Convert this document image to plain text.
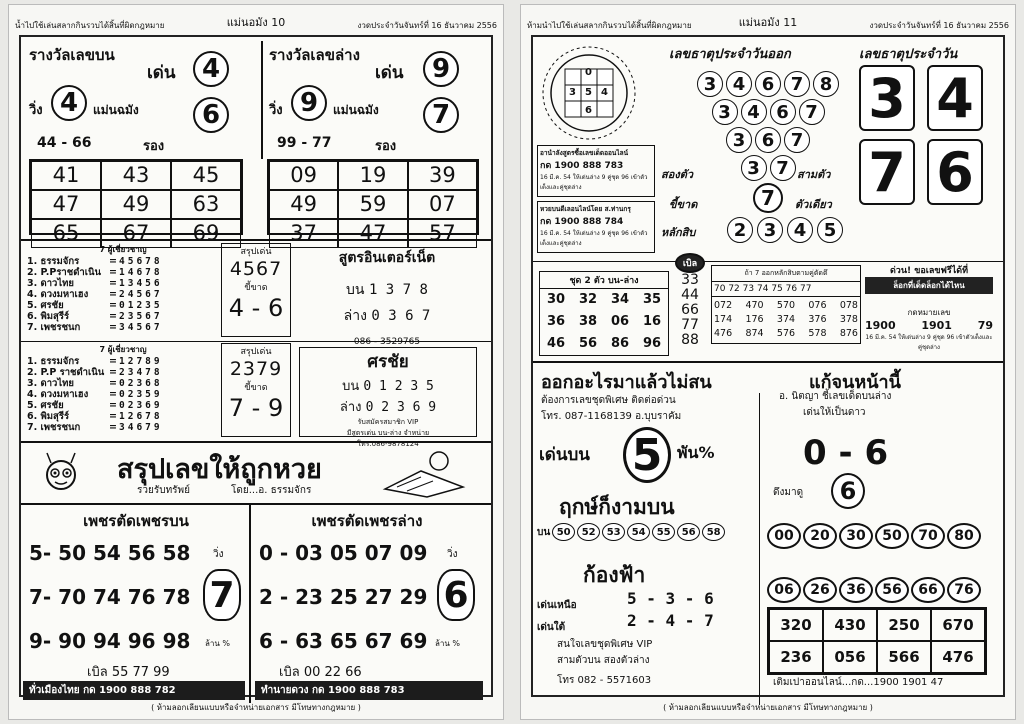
น้ำไปใช้เล่นสลากกินรวบได้สิ้นที่ผิดกฎหมาย	แม่นอมัง 10	งวดประจำวันจันทร์ที่ 16 ธันวาคม 2556
รางวัลเลขบน
เด่น	4
วิ่ง 4	แม่นฉมัง	6
44 - 66	รอง
41	43	45
47	49	63
65	67	69
รางวัลเลขล่าง
เด่น	9
วิ่ง 9	แม่นฉมัง	7
99 - 77	รอง
09	19	39
49	59	07
37	47	57
7 ผู้เชี่ยวชาญ
1. ธรรมจักร	= 45678
2. P.Pราชดำเนิน = 14678
3. ดาวไทย	= 13456
4. ดวงมหาเฮง	= 24567
5. ศรชัย	= 01235
6. พิมสุรีร์	= 23567
7. เพชรชนก	= 34567
สรุปเด่น
4567
ขี้ขาด
4 - 6
สูตรอินเตอร์เน็ต
บน 1 3 7 8
ล่าง 0 3 6 7
086 - 3529765
7 ผู้เชี่ยวชาญ
1. ธรรมจักร	= 12789
2. P.P ราชดำเนิน = 23478
3. ดาวไทย	= 02368
4. ดวงมหาเฮง	= 02359
5. ศรชัย	= 02369
6. พิมสุรีร์	= 12678
7. เพชรชนก	= 34679
สรุปเด่น
2379
ขี้ขาด
7 - 9
ศรชัย
บน 0 1 2 3 5
ล่าง 0 2 3 6 9
รับสมัครสมาชิก VIP
มีสูตรเด่น บน-ล่าง จำหน่าย
โทร.086-9878124
สรุปเลขให้ถูกหวย
รวยรับทรัพย์	โดย...อ. ธรรมจักร
เพชรตัดเพชรบน
5- 50 54 56 58
7- 70 74 76 78
9- 90 94 96 98
วิ่ง
ล้าน %
7
เบิล 55 77 99
เพชรตัดเพชรล่าง
0 - 03 05 07 09
2 - 23 25 27 29
6 - 63 65 67 69
วิ่ง
ล้าน %
6
เบิล 00 22 66
ทั่วเมืองไทย กด 1900 888 782	ทำนายดวง กด 1900 888 783
( ห้ามลอกเลียนแบบหรือจำหน่ายเอกสาร มีโทษทางกฎหมาย )
ห้ามนำไปใช้เล่นสลากกินรวบได้สิ้นที่ผิดกฎหมาย	แม่นอมัง 11	งวดประจำวันจันทร์ที่ 16 ธันวาคม 2556
0
3 5 4
6
เลขธาตุประจำวันออก	เลขธาตุประจำวัน
3 4 6 7 8
3 4 6 7
3 6 7
3 7
7
สองตัว	สามตัว
ขี้ขาด	ตัวเดียว
หลักสิบ	2 3 4 5
3 4
7 6
อานำลังสูตรซื้อเลขเด็ดออนไลน์
กด 1900 888 783
16 มี.ค. 54 ให้เด่นล่าง 9 คู่ชุด 96 เข้าตัวเต็งและคู่ชุดล่าง
หวยบนดีเลอนไลน์โดย ส.ท่านกรุ
กด 1900 888 784
16 มี.ค. 54 ให้เด่นล่าง 9 คู่ชุด 96 เข้าตัวเต็งและคู่ชุดล่าง
ชุด 2 ตัว บน-ล่าง
30	32	34	35
36	38	06	16
46	56	86	96
เบิล
33
44
66
77
88
ถ้า 7 ออกหลักสิบตามคู่ตัดตึ
70 72 73 74 75 76 77
072 470 570 076 078
174 176 374 376 378
476 874 576 578 876
ด่วน! ขอเลขฟรีได้ที่
ล็อกที่เด็ดล็อกได้ไหน
กดหมายเลข
1900 1901 79
16 มี.ค. 54 ให้เด่นล่าง 9 คู่ชุด 96 เข้าตัวเต็งและคู่ชุดล่าง
ออกอะไรมาแล้วไม่สน	แก้จนหน้านี้
ต้องการเลขชุดพิเศษ ติดต่อด่วน
โทร. 087-1168139 อ.บุบราคัม
เด่นบน 5 พัน%
ฤกษ์ก็งามบน
บน 50	52	53	54	55	56	58
ก้องฟ้า
เด่นเหนือ	5 - 3 - 6
เด่นใต้	2 - 4 - 7
สนใจเลขชุดพิเศษ VIP
สามตัวบน สองตัวล่าง
โทร 082 - 5571603
อ. นิตญา ชี้เลขเด็ดบนล่าง
เด่นให้เป็นดาว
0 - 6
ดึงมาดู	6
00	20	30	50	70	80
06	26	36	56	66	76
320	430	250	670
236	056	566	476
เติมเปาออนไลน์...กด...1900 1901 47
( ห้ามลอกเลียนแบบหรือจำหน่ายเอกสาร มีโทษทางกฎหมาย )
